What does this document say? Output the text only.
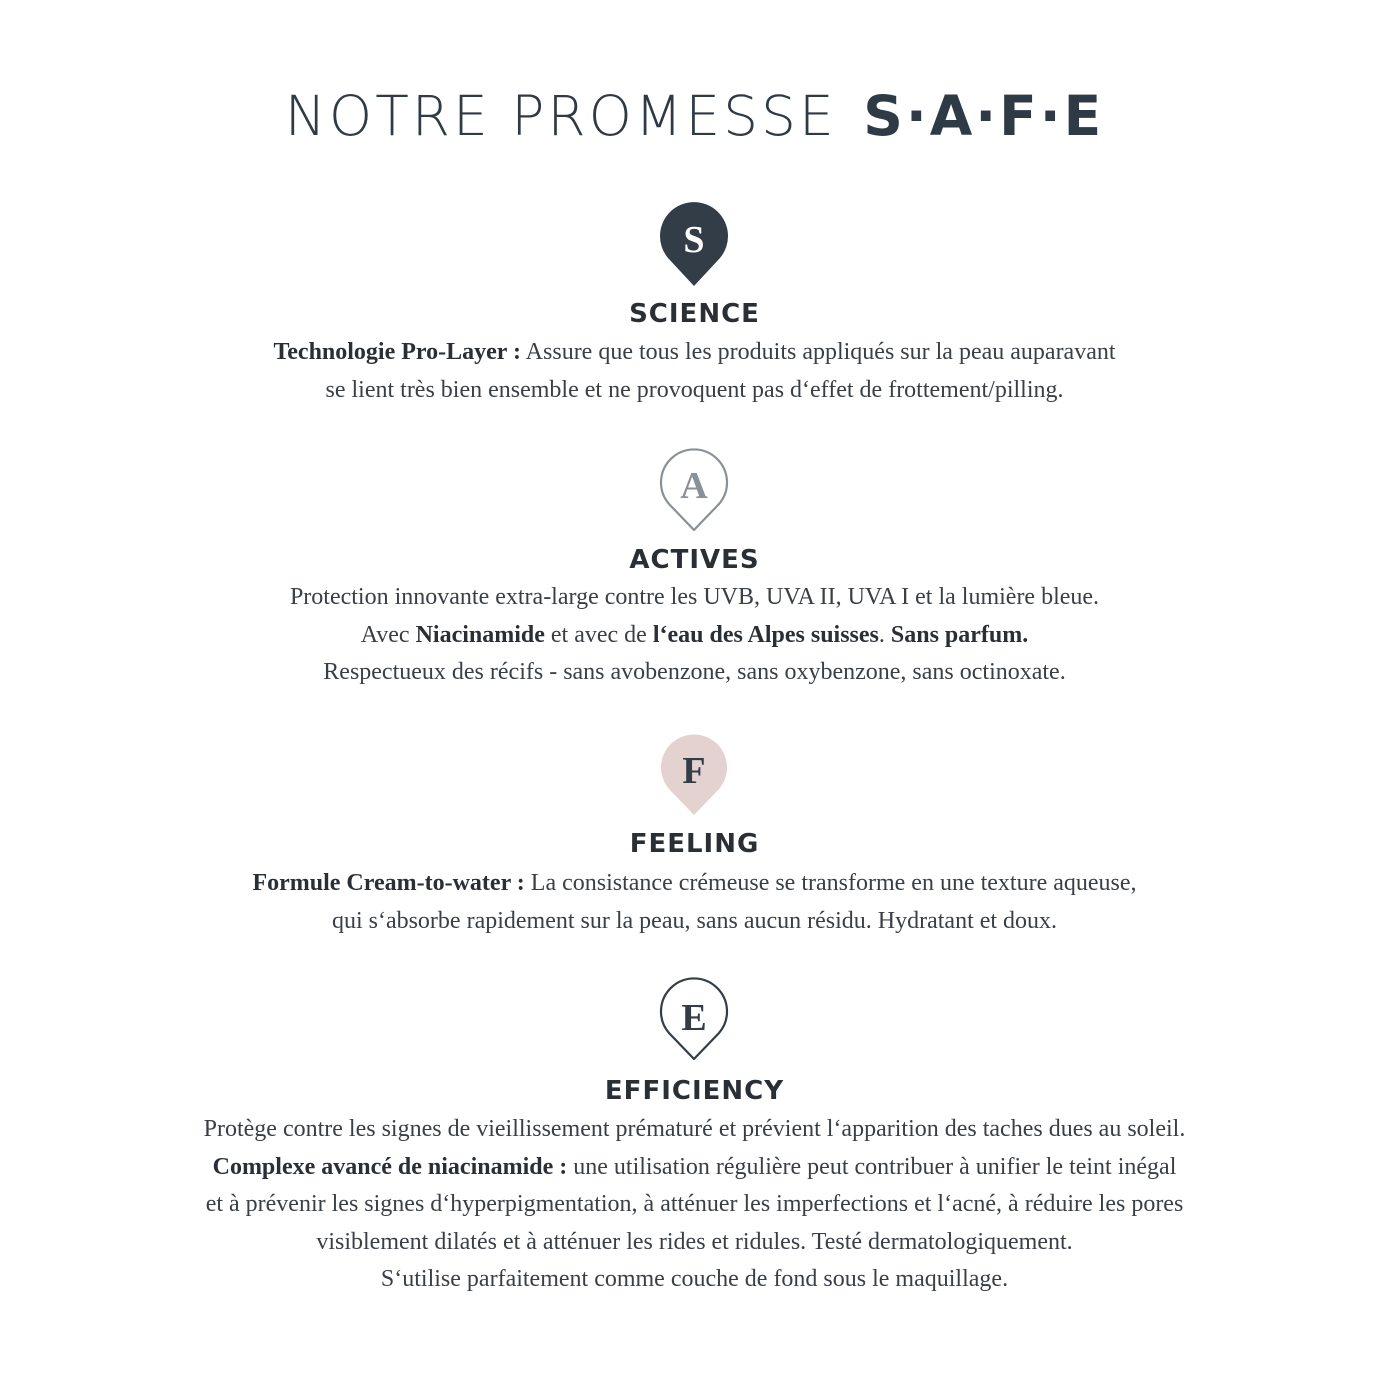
NOTRE PROMESSE S·A·F·E
S
SCIENCE

Technologie Pro-Layer : Assure que tous les produits appliqués sur la peau auparavant

se lient très bien ensemble et ne provoquent pas d‘effet de frottement/pilling.

A
ACTIVES

Protection innovante extra-large contre les UVB, UVA II, UVA I et la lumière bleue.

Avec Niacinamide et avec de l‘eau des Alpes suisses. Sans parfum.

Respectueux des récifs - sans avobenzone, sans oxybenzone, sans octinoxate.

F
FEELING

Formule Cream-to-water : La consistance crémeuse se transforme en une texture aqueuse,

qui s‘absorbe rapidement sur la peau, sans aucun résidu. Hydratant et doux.

E
EFFICIENCY

Protège contre les signes de vieillissement prématuré et prévient l‘apparition des taches dues au soleil.

Complexe avancé de niacinamide : une utilisation régulière peut contribuer à unifier le teint inégal

et à prévenir les signes d‘hyperpigmentation, à atténuer les imperfections et l‘acné, à réduire les pores

visiblement dilatés et à atténuer les rides et ridules. Testé dermatologiquement.

S‘utilise parfaitement comme couche de fond sous le maquillage.
